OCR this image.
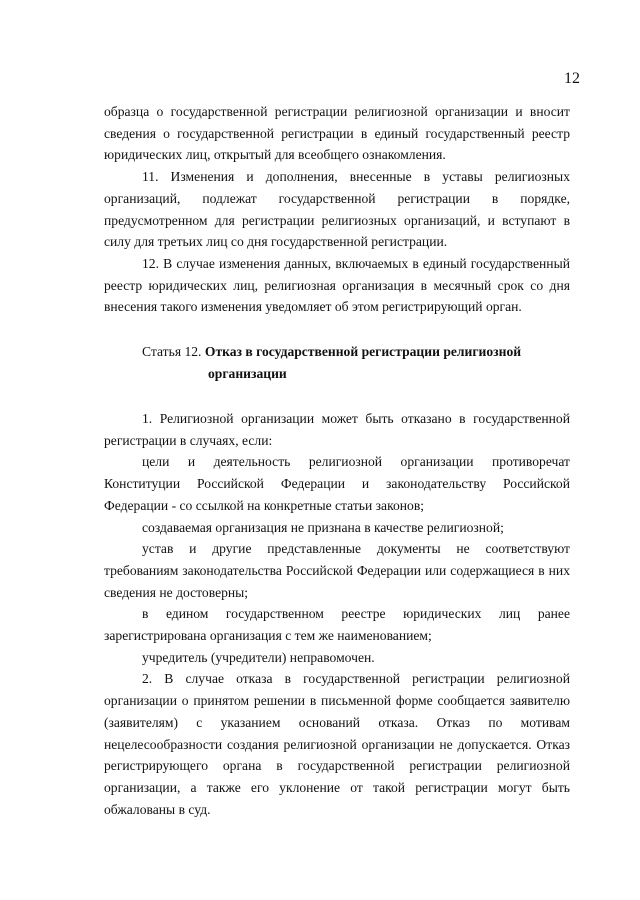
12

образца о государственной регистрации религиозной организации и вносит сведения о государственной регистрации в единый государственный реестр юридических лиц, открытый для всеобщего ознакомления.

11. Изменения и дополнения, внесенные в уставы религиозных организаций, подлежат государственной регистрации в порядке, предусмотренном для регистрации религиозных организаций, и вступают в силу для третьих лиц со дня государственной регистрации.

12. В случае изменения данных, включаемых в единый государственный реестр юридических лиц, религиозная организация в месячный срок со дня внесения такого изменения уведомляет об этом регистрирующий орган.

Статья 12. Отказ в государственной регистрации религиозной
организации

1. Религиозной организации может быть отказано в государственной регистрации в случаях, если:

цели и деятельность религиозной организации противоречат Конституции Российской Федерации и законодательству Российской Федерации - со ссылкой на конкретные статьи законов;

создаваемая организация не признана в качестве религиозной;

устав и другие представленные документы не соответствуют требованиям законодательства Российской Федерации или содержащиеся в них сведения не достоверны;

в едином государственном реестре юридических лиц ранее зарегистрирована организация с тем же наименованием;

учредитель (учредители) неправомочен.

2. В случае отказа в государственной регистрации религиозной организации о принятом решении в письменной форме сообщается заявителю (заявителям) с указанием оснований отказа. Отказ по мотивам нецелесообразности создания религиозной организации не допускается. Отказ регистрирующего органа в государственной регистрации религиозной организации, а также его уклонение от такой регистрации могут быть обжалованы в суд.
